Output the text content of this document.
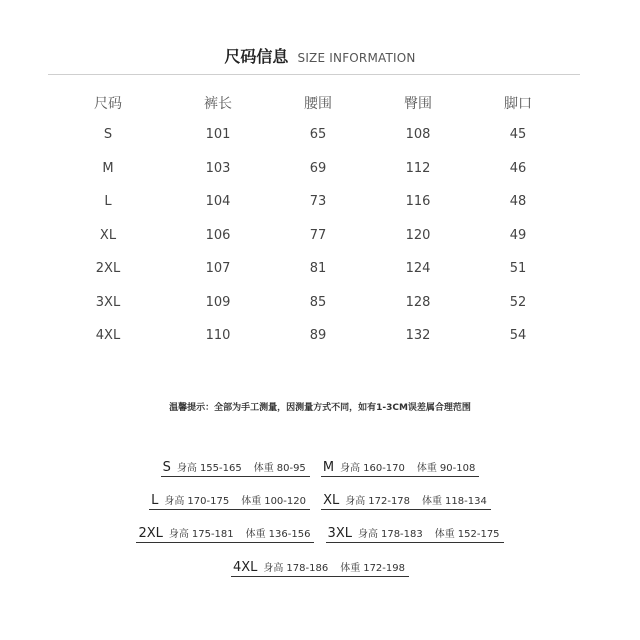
尺码信息 SIZE INFORMATION
尺码	裤长	腰围	臀围	脚口
S	101	65	108	45
M	103	69	112	46
L	104	73	116	48
XL	106	77	120	49
2XL	107	81	124	51
3XL	109	85	128	52
4XL	110	89	132	54
温馨提示：全部为手工测量，因测量方式不同，如有1-3CM误差属合理范围
S 身高 155-165 体重 80-95 M 身高 160-170 体重 90-108
L 身高 170-175 体重 100-120 XL 身高 172-178 体重 118-134
2XL 身高 175-181 体重 136-156 3XL 身高 178-183 体重 152-175
4XL 身高 178-186 体重 172-198
